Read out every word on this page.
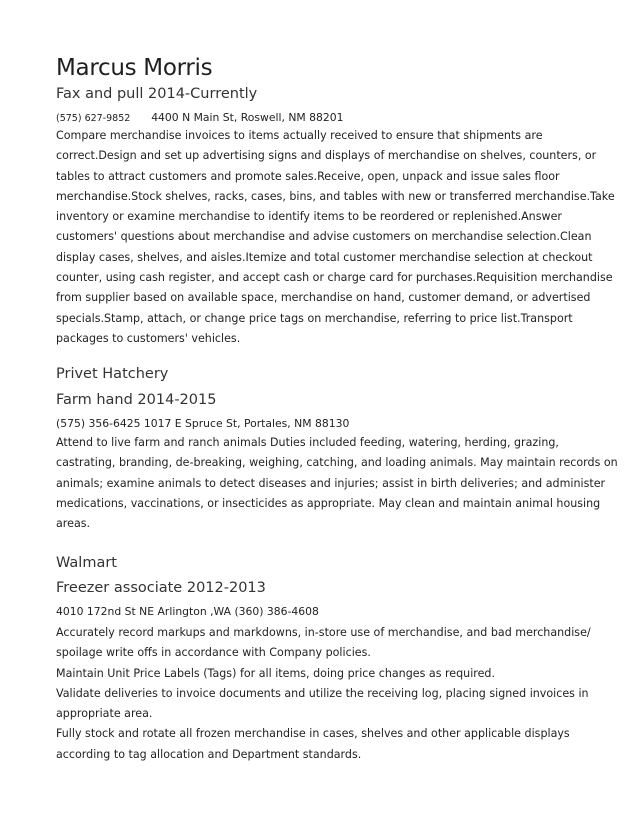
Marcus Morris
Fax and pull 2014-Currently
(575) 627-9852 4400 N Main St, Roswell, NM 88201

Compare merchandise invoices to items actually received to ensure that shipments are correct.Design and set up advertising signs and displays of merchandise on shelves, counters, or tables to attract customers and promote sales.Receive, open, unpack and issue sales floor merchandise.Stock shelves, racks, cases, bins, and tables with new or transferred merchandise.Take inventory or examine merchandise to identify items to be reordered or replenished.Answer customers' questions about merchandise and advise customers on merchandise selection.Clean display cases, shelves, and aisles.Itemize and total customer merchandise selection at checkout counter, using cash register, and accept cash or charge card for purchases.Requisition merchandise from supplier based on available space, merchandise on hand, customer demand, or advertised specials.Stamp, attach, or change price tags on merchandise, referring to price list.Transport packages to customers' vehicles.

Privet Hatchery
Farm hand 2014-2015
(575) 356-6425 1017 E Spruce St, Portales, NM 88130

Attend to live farm and ranch animals Duties included feeding, watering, herding, grazing, castrating, branding, de-breaking, weighing, catching, and loading animals. May maintain records on animals; examine animals to detect diseases and injuries; assist in birth deliveries; and administer medications, vaccinations, or insecticides as appropriate. May clean and maintain animal housing areas.

Walmart
Freezer associate 2012-2013
4010 172nd St NE Arlington ,WA (360) 386-4608

Accurately record markups and markdowns, in-store use of merchandise, and bad merchandise/ spoilage write offs in accordance with Company policies.

Maintain Unit Price Labels (Tags) for all items, doing price changes as required.

Validate deliveries to invoice documents and utilize the receiving log, placing signed invoices in appropriate area.

Fully stock and rotate all frozen merchandise in cases, shelves and other applicable displays according to tag allocation and Department standards.
